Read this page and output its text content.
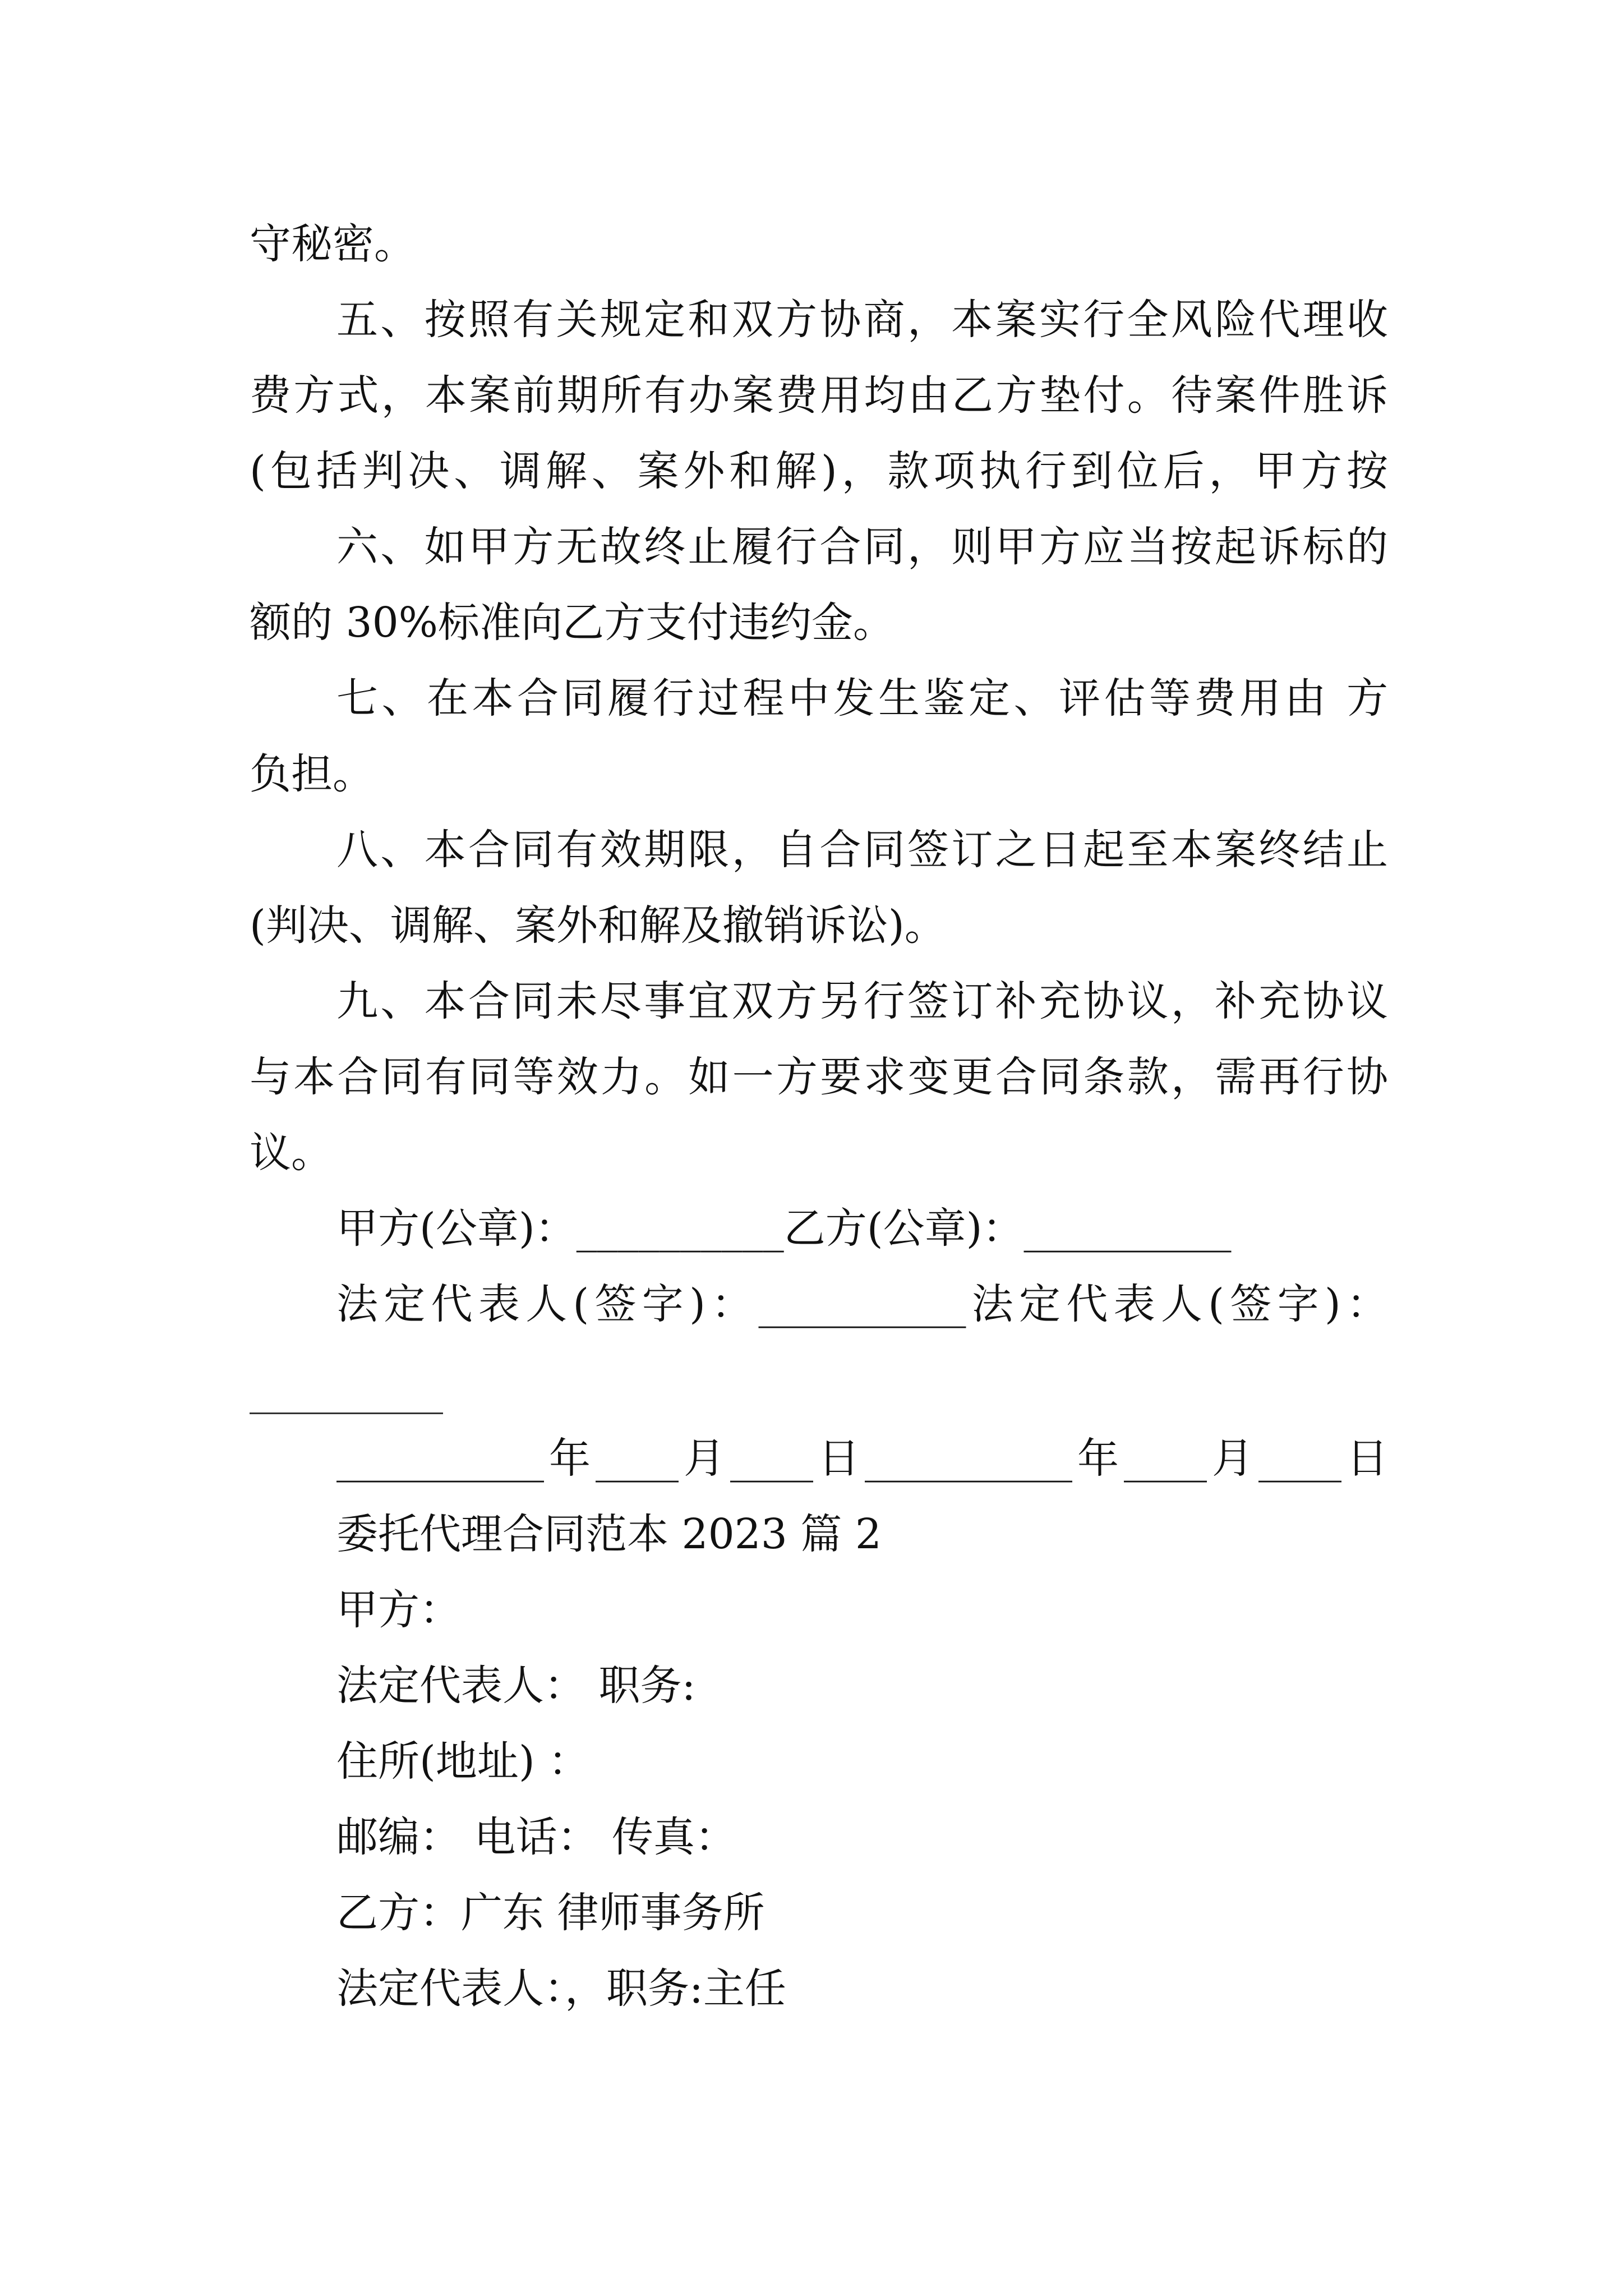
守秘密。
五、按照有关规定和双方协商，本案实行全风险代理收
费方式，本案前期所有办案费用均由乙方垫付。待案件胜诉
(包括判决、调解、案外和解)，款项执行到位后，甲方按
六、如甲方无故终止履行合同，则甲方应当按起诉标的
额的 30%标准向乙方支付违约金。
七、在本合同履行过程中发生鉴定、评估等费用由 方
负担。
八、本合同有效期限，自合同签订之日起至本案终结止
(判决、调解、案外和解及撤销诉讼)。
九、本合同未尽事宜双方另行签订补充协议，补充协议
与本合同有同等效力。如一方要求变更合同条款，需再行协
议。
甲方(公章)：__________乙方(公章)：__________
法定代表人(签字)：__________法定代表人(签字)：
__________年____月____日__________年____月____日
委托代理合同范本 2023 篇 2
甲方：
法定代表人： 职务:
住所(地址) ：
邮编： 电话： 传真：
乙方：广东 律师事务所
法定代表人：，职务:主任
